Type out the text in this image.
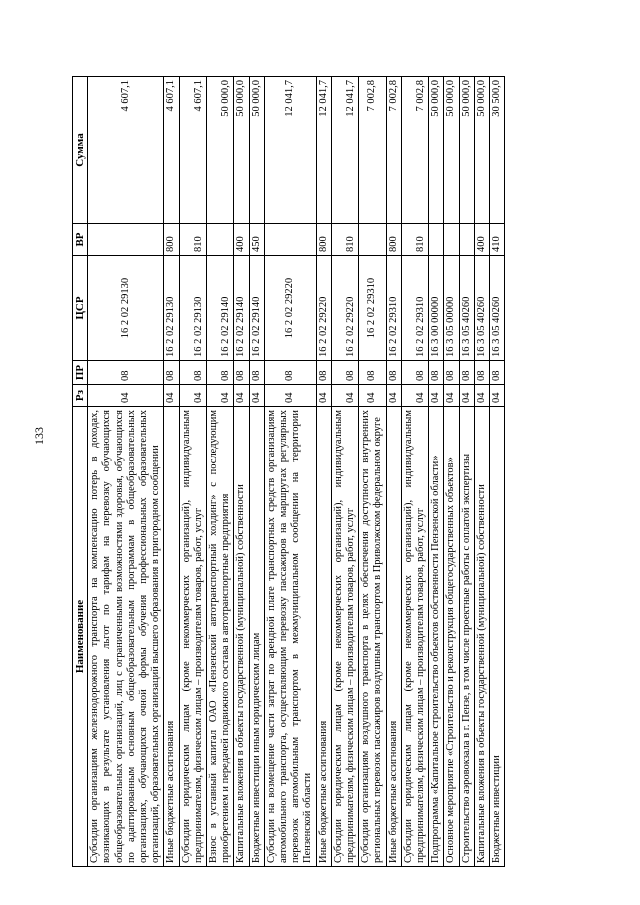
133
Наименование	Рз	ПР	ЦСР	ВР	Сумма
Субсидии организациям железнодорожного транспорта на компенсацию потерь в доходах, возникающих в результате установления льгот по тарифам на перевозку обучающихся общеобразовательных организаций, лиц с ограниченными возможностями здоровья, обучающихся по адаптированным основным общеобразовательным программам в общеобразовательных организациях, обучающихся очной формы обучения профессиональных образовательных организаций, образовательных организаций высшего образования в пригородном сообщении	04	08	16 2 02 29130		4 607,1
Иные бюджетные ассигнования	04	08	16 2 02 29130	800	4 607,1
Субсидии юридическим лицам (кроме некоммерческих организаций), индивидуальным предпринимателям, физическим лицам – производителям товаров, работ, услуг	04	08	16 2 02 29130	810	4 607,1
Взнос в уставный капитал ОАО «Пензенский автотранспортный холдинг» с последующим приобретением и передачей подвижного состава в автотранспортные предприятия	04	08	16 2 02 29140		50 000,0
Капитальные вложения в объекты государственной (муниципальной) собственности	04	08	16 2 02 29140	400	50 000,0
Бюджетные инвестиции иным юридическим лицам	04	08	16 2 02 29140	450	50 000,0
Субсидии на возмещение части затрат по арендной плате транспортных средств организациям автомобильного транспорта, осуществляющим перевозку пассажиров на маршрутах регулярных перевозок автомобильным транспортом в межмуниципальном сообщении на территории Пензенской области	04	08	16 2 02 29220		12 041,7
Иные бюджетные ассигнования	04	08	16 2 02 29220	800	12 041,7
Субсидии юридическим лицам (кроме некоммерческих организаций), индивидуальным предпринимателям, физическим лицам – производителям товаров, работ, услуг	04	08	16 2 02 29220	810	12 041,7
Субсидии организациям воздушного транспорта в целях обеспечения доступности внутренних региональных перевозок пассажиров воздушным транспортом в Приволжском федеральном округе	04	08	16 2 02 29310		7 002,8
Иные бюджетные ассигнования	04	08	16 2 02 29310	800	7 002,8
Субсидии юридическим лицам (кроме некоммерческих организаций), индивидуальным предпринимателям, физическим лицам – производителям товаров, работ, услуг	04	08	16 2 02 29310	810	7 002,8
Подпрограмма «Капитальное строительство объектов собственности Пензенской области»	04	08	16 3 00 00000		50 000,0
Основное мероприятие «Строительство и реконструкция общегосударственных объектов»	04	08	16 3 05 00000		50 000,0
Строительство аэровокзала в г. Пензе, в том числе проектные работы с оплатой экспертизы	04	08	16 3 05 40260		50 000,0
Капитальные вложения в объекты государственной (муниципальной) собственности	04	08	16 3 05 40260	400	50 000,0
Бюджетные инвестиции	04	08	16 3 05 40260	410	30 500,0
